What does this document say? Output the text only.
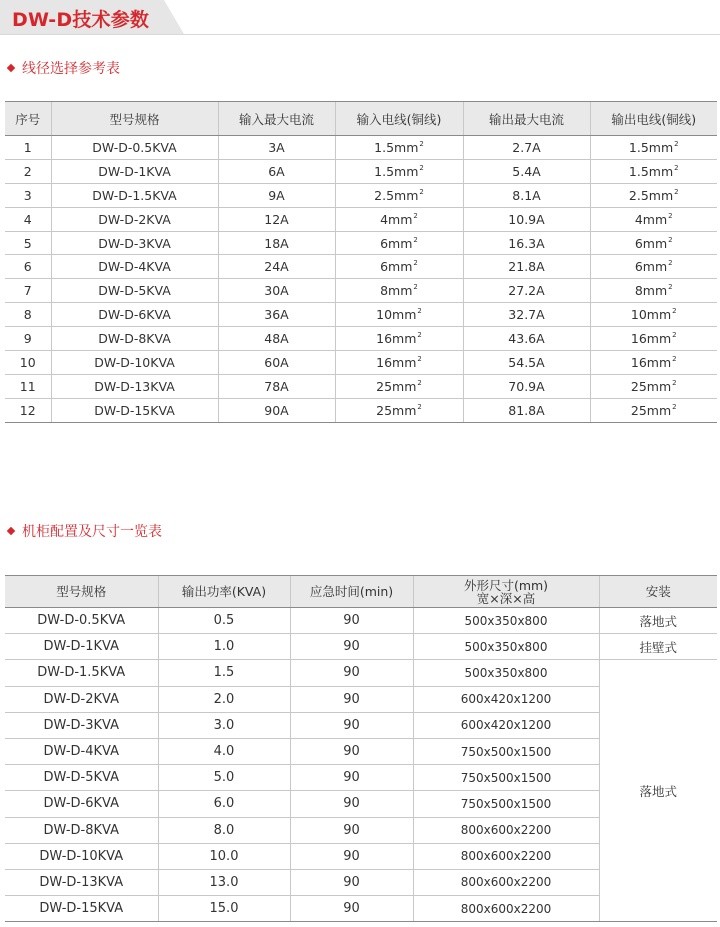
DW-D技术参数
线径选择参考表
序号	型号规格	输入最大电流	输入电线(铜线)	输出最大电流	输出电线(铜线)
1	DW-D-0.5KVA	3A	$1.5mm^2$	2.7A	$1.5mm^2$
2	DW-D-1KVA	6A	$1.5mm^2$	5.4A	$1.5mm^2$
3	DW-D-1.5KVA	9A	$2.5mm^2$	8.1A	$2.5mm^2$
4	DW-D-2KVA	12A	$4mm^2$	10.9A	$4mm^2$
5	DW-D-3KVA	18A	$6mm^2$	16.3A	$6mm^2$
6	DW-D-4KVA	24A	$6mm^2$	21.8A	$6mm^2$
7	DW-D-5KVA	30A	$8mm^2$	27.2A	$8mm^2$
8	DW-D-6KVA	36A	$10mm^2$	32.7A	$10mm^2$
9	DW-D-8KVA	48A	$16mm^2$	43.6A	$16mm^2$
10	DW-D-10KVA	60A	$16mm^2$	54.5A	$16mm^2$
11	DW-D-13KVA	78A	$25mm^2$	70.9A	$25mm^2$
12	DW-D-15KVA	90A	$25mm^2$	81.8A	$25mm^2$
机柜配置及尺寸一览表
型号规格	输出功率(KVA)	应急时间(min)	外形尺寸(mm)
宽×深×高	安装
DW-D-0.5KVA	0.5	90	500x350x800	落地式
DW-D-1KVA	1.0	90	500x350x800	挂壁式
DW-D-1.5KVA	1.5	90	500x350x800	落地式
DW-D-2KVA	2.0	90	600x420x1200	
DW-D-3KVA	3.0	90	600x420x1200	
DW-D-4KVA	4.0	90	750x500x1500	
DW-D-5KVA	5.0	90	750x500x1500	
DW-D-6KVA	6.0	90	750x500x1500	
DW-D-8KVA	8.0	90	800x600x2200	
DW-D-10KVA	10.0	90	800x600x2200	
DW-D-13KVA	13.0	90	800x600x2200	
DW-D-15KVA	15.0	90	800x600x2200	
